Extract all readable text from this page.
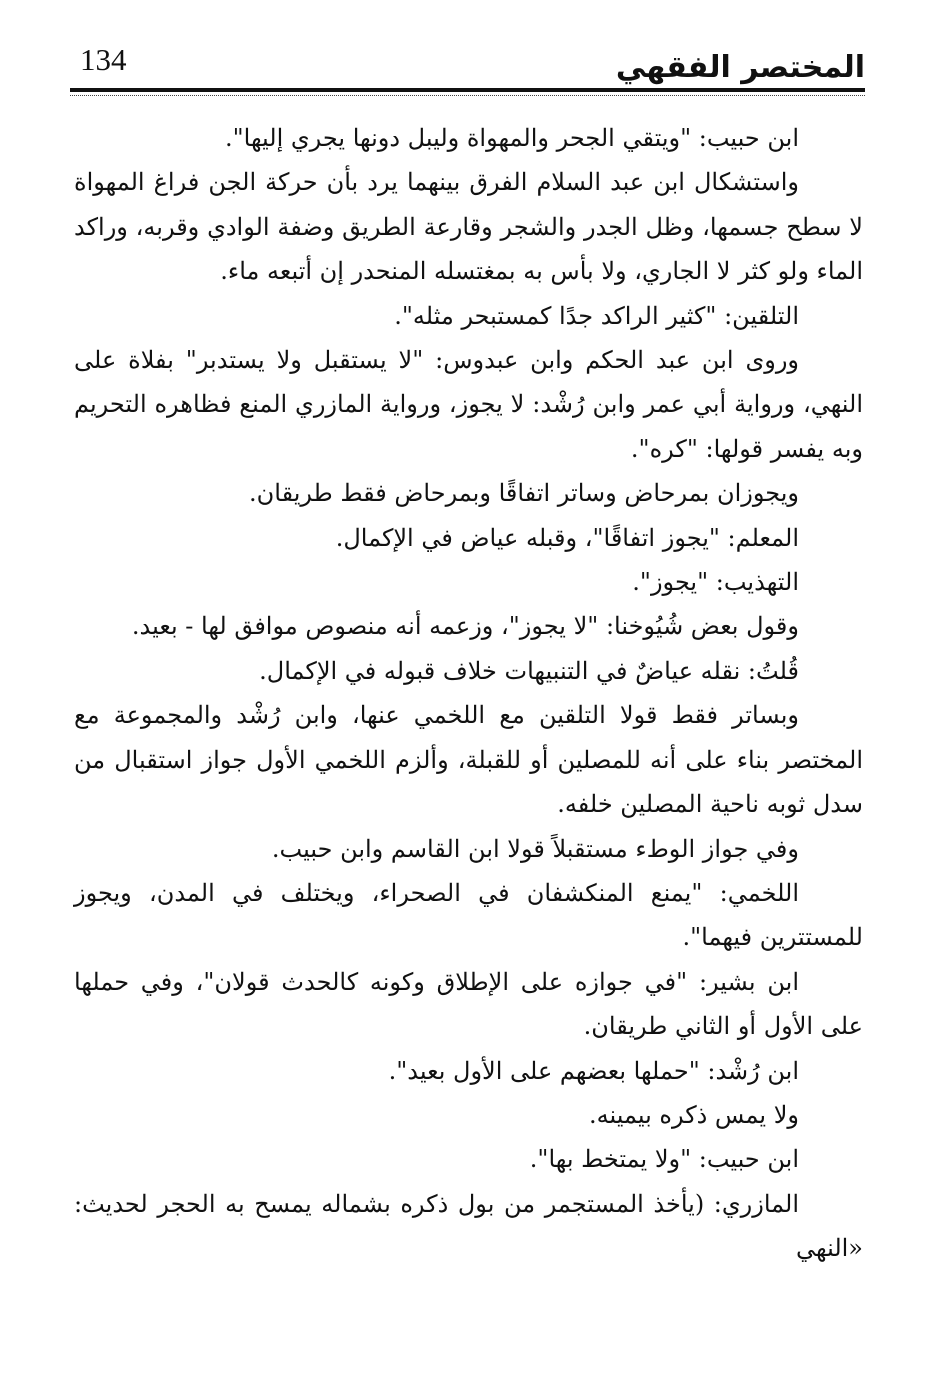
المختصر الفقهي
134

ابن حبيب: "ويتقي الجحر والمهواة وليبل دونها يجري إليها".

واستشكال ابن عبد السلام الفرق بينهما يرد بأن حركة الجن فراغ المهواة لا سطح جسمها، وظل الجدر والشجر وقارعة الطريق وضفة الوادي وقربه، وراكد الماء ولو كثر لا الجاري، ولا بأس به بمغتسله المنحدر إن أتبعه ماء.

التلقين: "كثير الراكد جدًا كمستبحر مثله".

وروى ابن عبد الحكم وابن عبدوس: "لا يستقبل ولا يستدبر" بفلاة على النهي، ورواية أبي عمر وابن رُشْد: لا يجوز، ورواية المازري المنع فظاهره التحريم وبه يفسر قولها: "كره".

ويجوزان بمرحاض وساتر اتفاقًا وبمرحاض فقط طريقان.

المعلم: "يجوز اتفاقًا"، وقبله عياض في الإكمال.

التهذيب: "يجوز".

وقول بعض شُيُوخنا: "لا يجوز"، وزعمه أنه منصوص موافق لها - بعيد.

قُلتُ: نقله عياضٌ في التنبيهات خلاف قبوله في الإكمال.

وبساتر فقط قولا التلقين مع اللخمي عنها، وابن رُشْد والمجموعة مع المختصر بناء على أنه للمصلين أو للقبلة، وألزم اللخمي الأول جواز استقبال من سدل ثوبه ناحية المصلين خلفه.

وفي جواز الوطء مستقبلاً قولا ابن القاسم وابن حبيب.

اللخمي: "يمنع المنكشفان في الصحراء، ويختلف في المدن، ويجوز للمستترين فيهما".

ابن بشير: "في جوازه على الإطلاق وكونه كالحدث قولان"، وفي حملها على الأول أو الثاني طريقان.

ابن رُشْد: "حملها بعضهم على الأول بعيد".

ولا يمس ذكره بيمينه.

ابن حبيب: "ولا يمتخط بها".

المازري: (يأخذ المستجمر من بول ذكره بشماله يمسح به الحجر لحديث: «النهي
